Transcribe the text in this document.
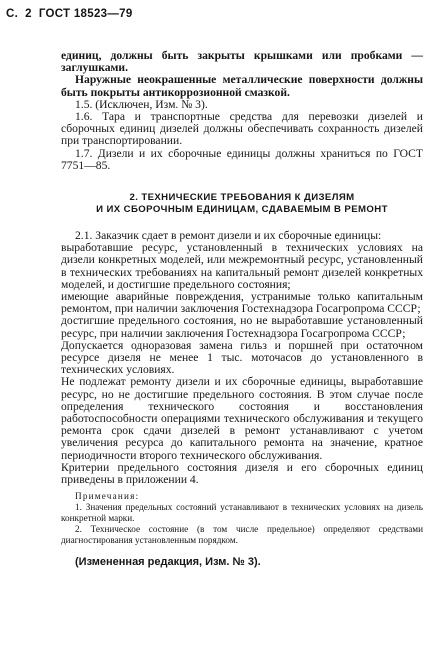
С. 2 ГОСТ 18523—79

единиц, должны быть закрыты крышками или пробками — заглушками.

Наружные неокрашенные металлические поверхности должны быть покрыты антикоррозионной смазкой.

1.5. (Исключен, Изм. № 3).

1.6. Тара и транспортные средства для перевозки дизелей и сборочных единиц дизелей должны обеспечивать сохранность дизелей при транспортировании.

1.7. Дизели и их сборочные единицы должны храниться по ГОСТ 7751—85.

2. ТЕХНИЧЕСКИЕ ТРЕБОВАНИЯ К ДИЗЕЛЯМ
И ИХ СБОРОЧНЫМ ЕДИНИЦАМ, СДАВАЕМЫМ В РЕМОНТ

2.1. Заказчик сдает в ремонт дизели и их сборочные единицы:

выработавшие ресурс, установленный в технических условиях на дизели конкретных моделей, или межремонтный ресурс, установленный в технических требованиях на капитальный ремонт дизелей конкретных моделей, и достигшие предельного состояния;

имеющие аварийные повреждения, устранимые только капитальным ремонтом, при наличии заключения Гостехнадзора Госагропрома СССР;

достигшие предельного состояния, но не выработавшие установленный ресурс, при наличии заключения Гостехнадзора Госагропрома СССР;

Допускается одноразовая замена гильз и поршней при остаточном ресурсе дизеля не менее 1 тыс. моточасов до установленного в технических условиях.

Не подлежат ремонту дизели и их сборочные единицы, выработавшие ресурс, но не достигшие предельного состояния. В этом случае после определения технического состояния и восстановления работоспособности операциями технического обслуживания и текущего ремонта срок сдачи дизелей в ремонт устанавливают с учетом увеличения ресурса до капитального ремонта на значение, кратное периодичности второго технического обслуживания.

Критерии предельного состояния дизеля и его сборочных единиц приведены в приложении 4.

Примечания:

1. Значения предельных состояний устанавливают в технических условиях на дизель конкретной марки.

2. Техническое состояние (в том числе предельное) определяют средствами диагностирования установленным порядком.

(Измененная редакция, Изм. № 3).
